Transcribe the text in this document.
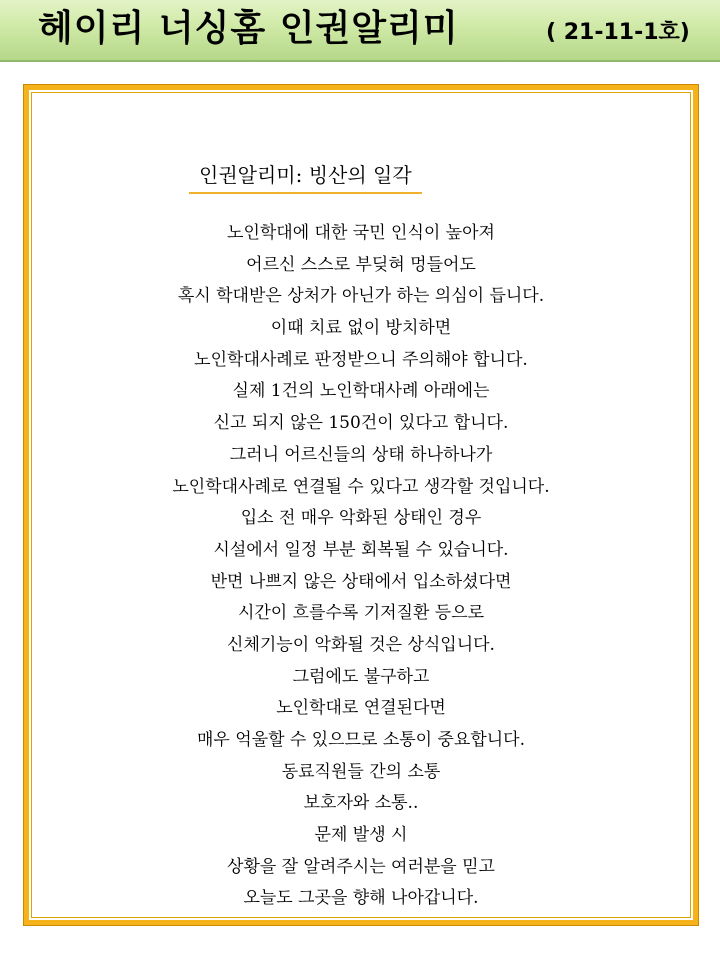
헤이리 너싱홈 인권알리미	( 21-11-1호)
인권알리미: 빙산의 일각
노인학대에 대한 국민 인식이 높아져
어르신 스스로 부딪혀 멍들어도
혹시 학대받은 상처가 아닌가 하는 의심이 듭니다.
이때 치료 없이 방치하면
노인학대사례로 판정받으니 주의해야 합니다.
실제 1건의 노인학대사례 아래에는
신고 되지 않은 150건이 있다고 합니다.
그러니 어르신들의 상태 하나하나가
노인학대사례로 연결될 수 있다고 생각할 것입니다.
입소 전 매우 악화된 상태인 경우
시설에서 일정 부분 회복될 수 있습니다.
반면 나쁘지 않은 상태에서 입소하셨다면
시간이 흐를수록 기저질환 등으로
신체기능이 악화될 것은 상식입니다.
그럼에도 불구하고
노인학대로 연결된다면
매우 억울할 수 있으므로 소통이 중요합니다.
동료직원들 간의 소통
보호자와 소통..
문제 발생 시
상황을 잘 알려주시는 여러분을 믿고
오늘도 그곳을 향해 나아갑니다.
